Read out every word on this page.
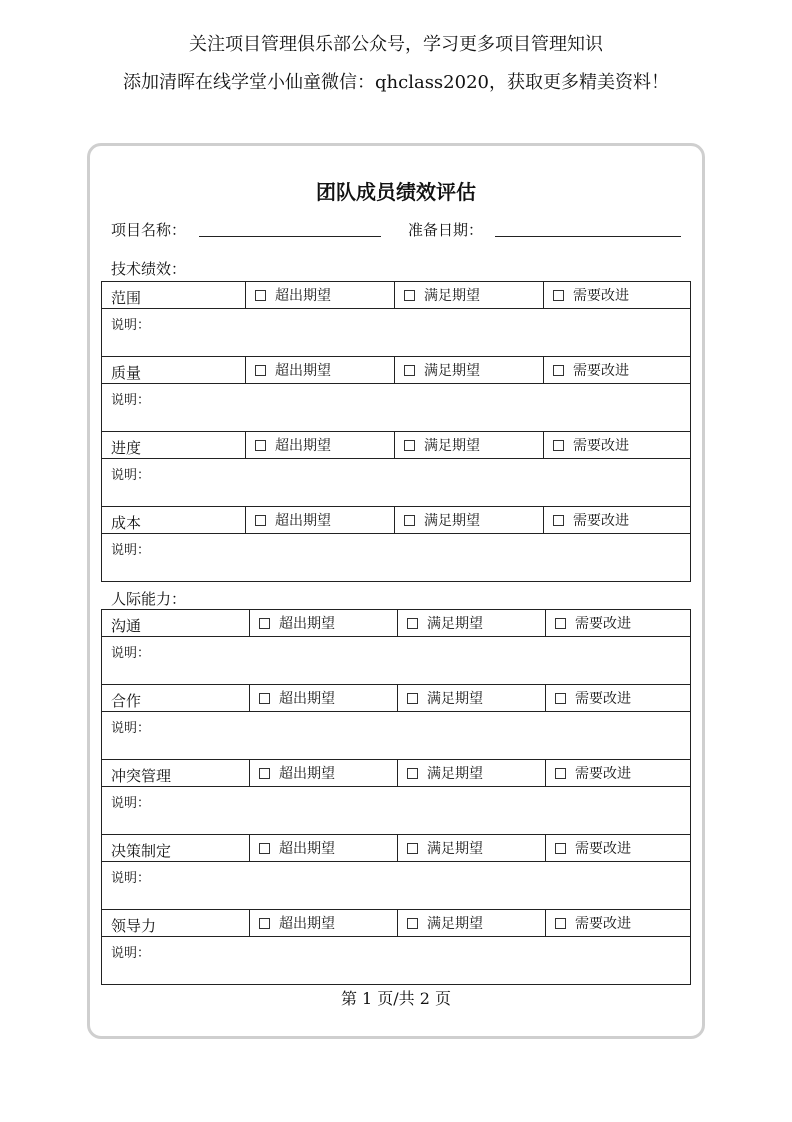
关注项目管理俱乐部公众号，学习更多项目管理知识
添加清晖在线学堂小仙童微信：qhclass2020，获取更多精美资料！
团队成员绩效评估
项目名称：	准备日期：
技术绩效：
范围	超出期望	满足期望	需要改进
说明：			
质量	超出期望	满足期望	需要改进
说明：			
进度	超出期望	满足期望	需要改进
说明：			
成本	超出期望	满足期望	需要改进
说明：			
人际能力：
沟通	超出期望	满足期望	需要改进
说明：			
合作	超出期望	满足期望	需要改进
说明：			
冲突管理	超出期望	满足期望	需要改进
说明：			
决策制定	超出期望	满足期望	需要改进
说明：			
领导力	超出期望	满足期望	需要改进
说明：			
第 1 页/共 2 页
